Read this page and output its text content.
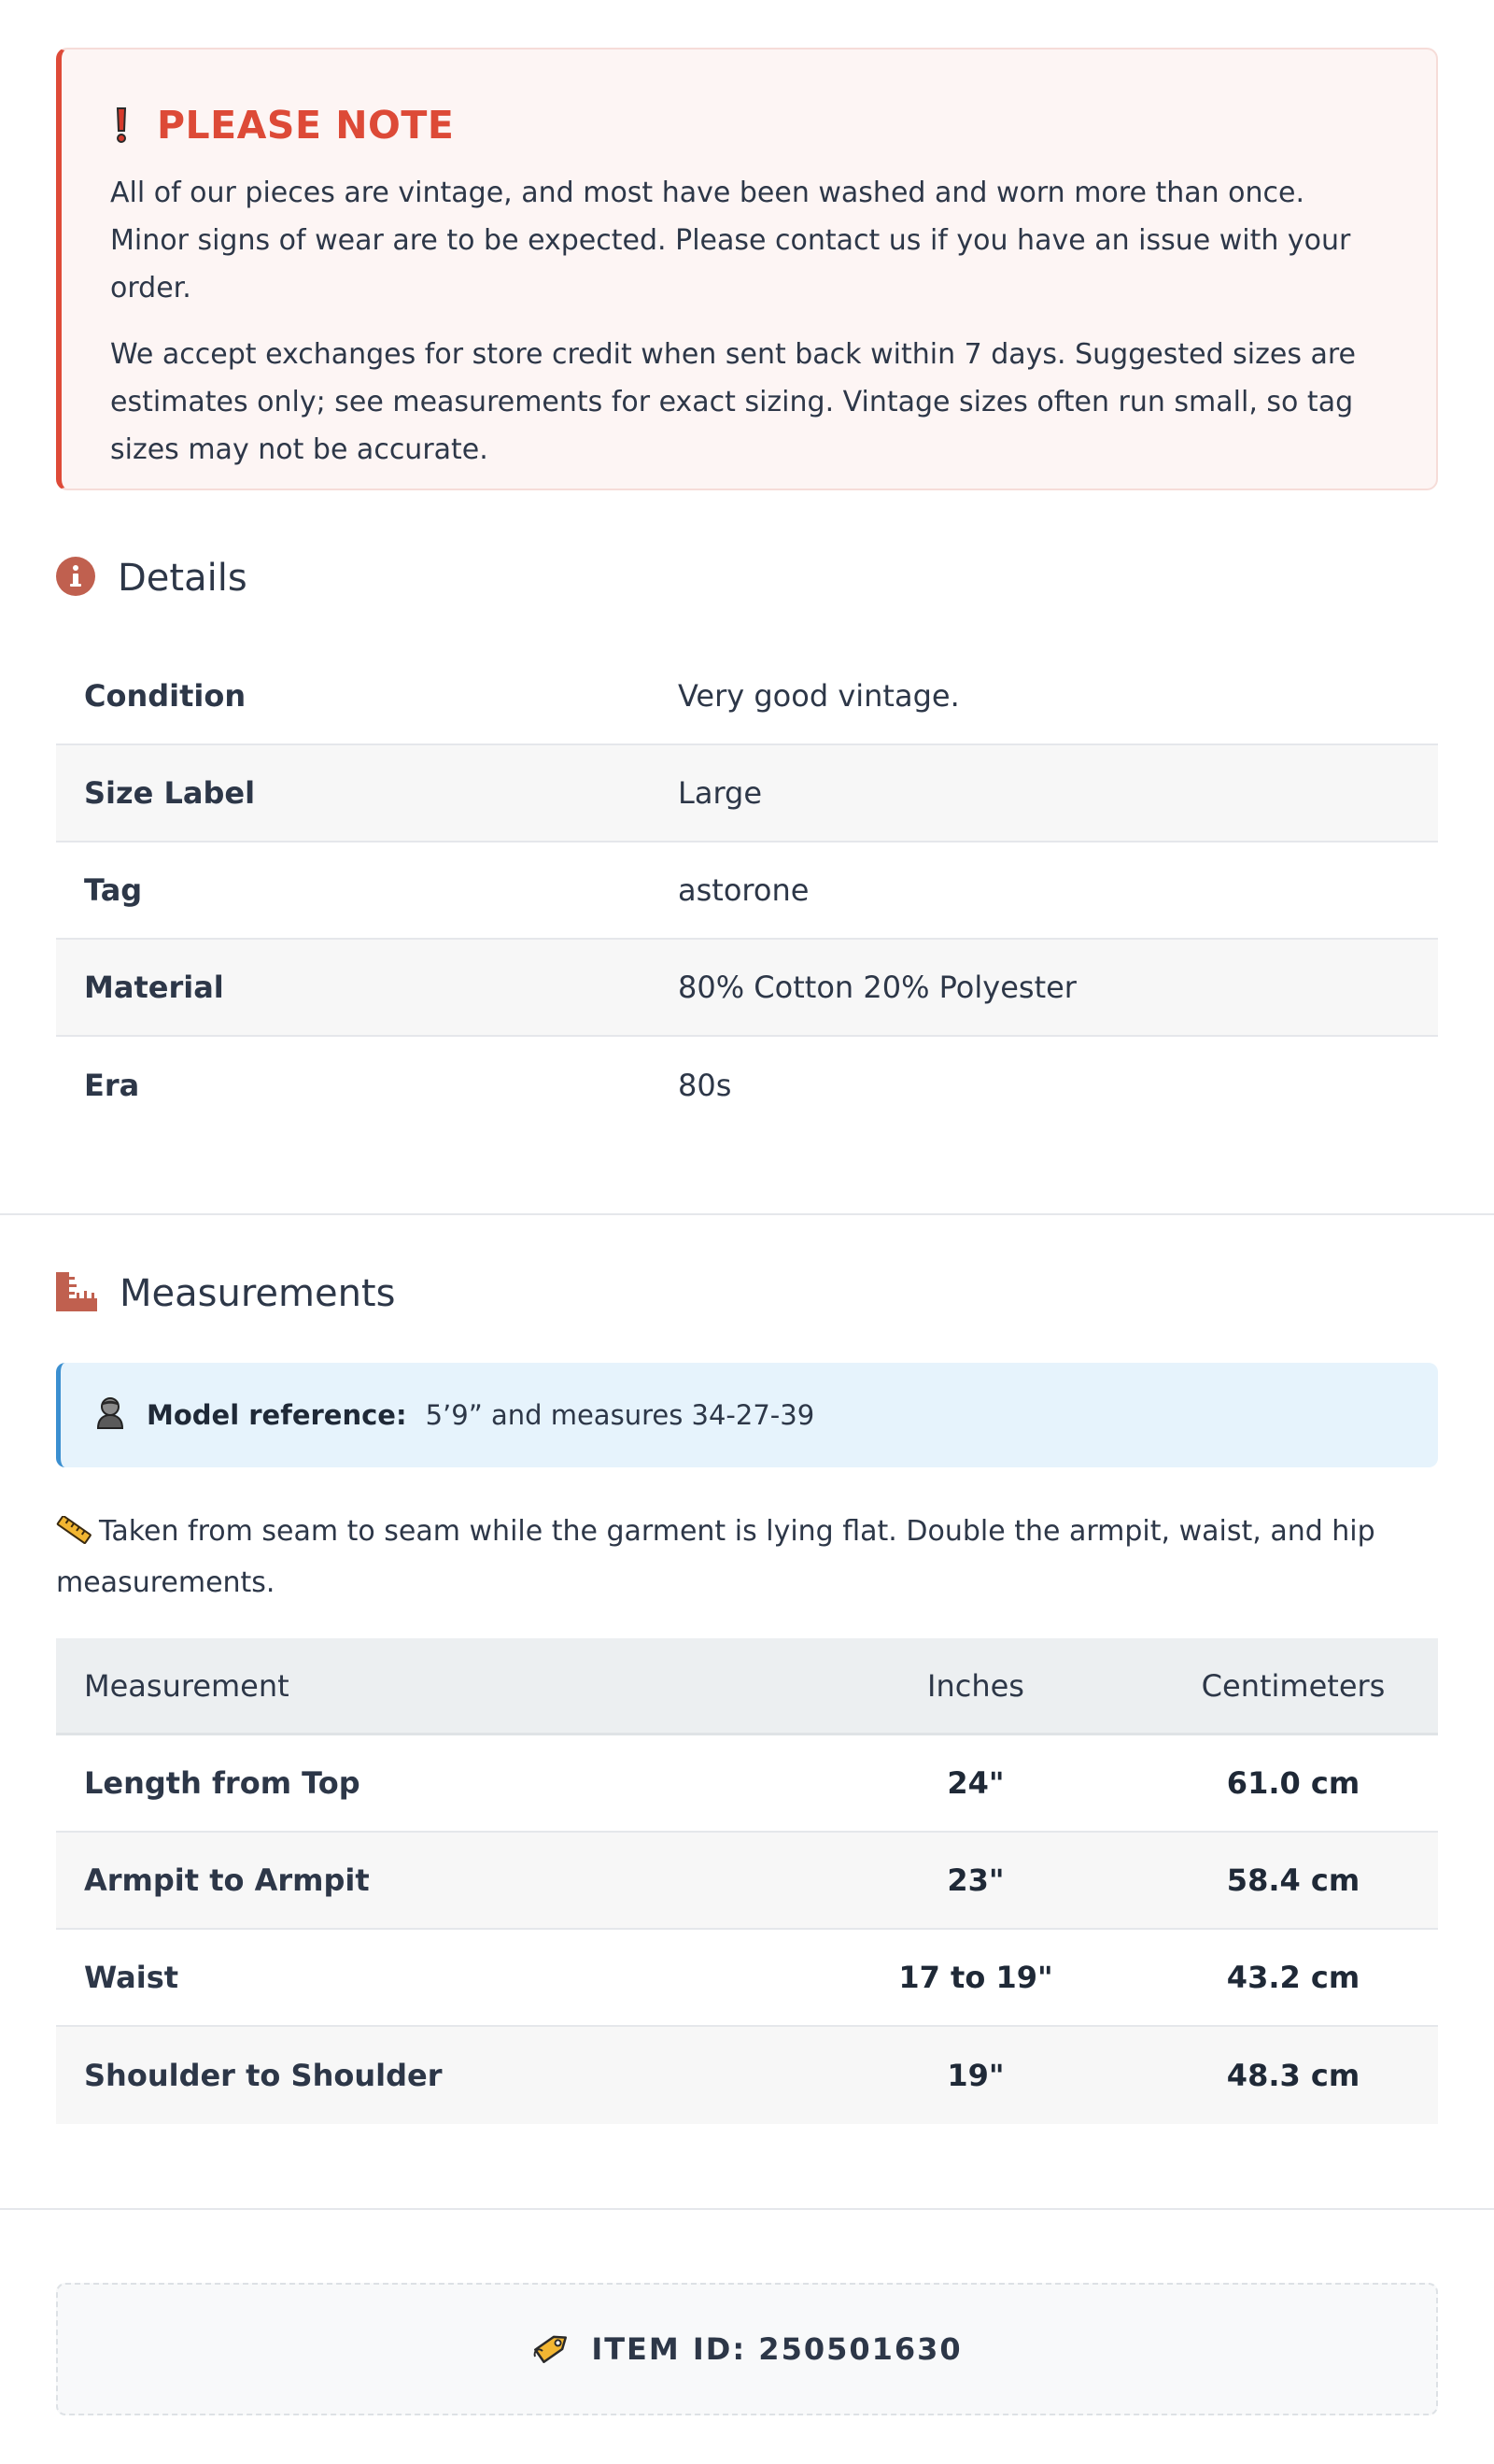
PLEASE NOTE

All of our pieces are vintage, and most have been washed and worn more than once. Minor signs of wear are to be expected. Please contact us if you have an issue with your order.

We accept exchanges for store credit when sent back within 7 days. Suggested sizes are estimates only; see measurements for exact sizing. Vintage sizes often run small, so tag sizes may not be accurate.

Details
Condition	Very good vintage.
Size Label	Large
Tag	astorone
Material	80% Cotton 20% Polyester
Era	80s
Measurements
Model reference: 5’9” and measures 34-27-39
Taken from seam to seam while the garment is lying flat. Double the armpit, waist, and hip measurements.
Measurement	Inches	Centimeters
Length from Top	24"	61.0 cm
Armpit to Armpit	23"	58.4 cm
Waist	17 to 19"	43.2 cm
Shoulder to Shoulder	19"	48.3 cm
ITEM ID: 250501630
